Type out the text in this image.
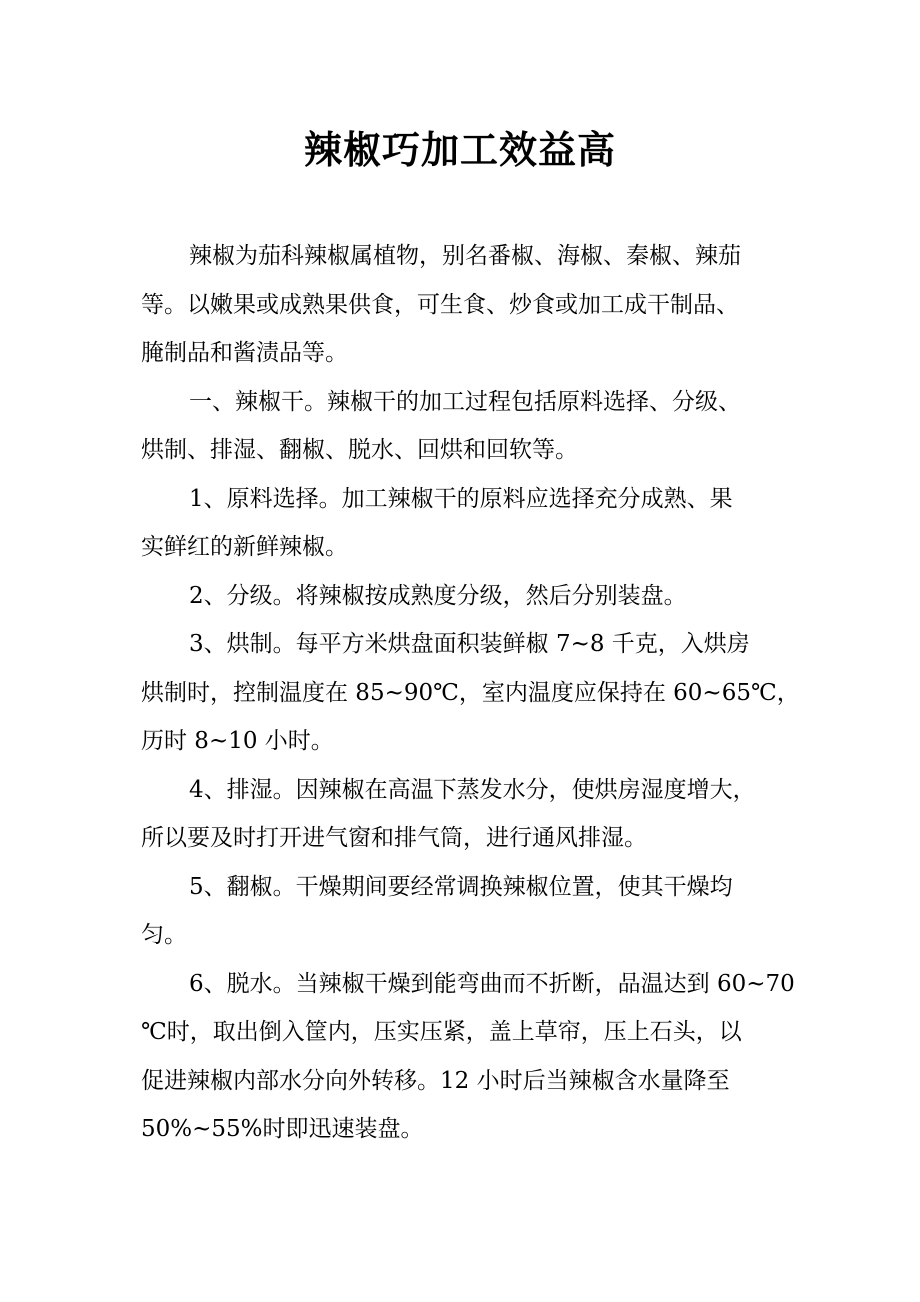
辣椒巧加工效益高
辣椒为茄科辣椒属植物，别名番椒、海椒、秦椒、辣茄
等。以嫩果或成熟果供食，可生食、炒食或加工成干制品、
腌制品和酱渍品等。
一、辣椒干。辣椒干的加工过程包括原料选择、分级、
烘制、排湿、翻椒、脱水、回烘和回软等。
1、原料选择。加工辣椒干的原料应选择充分成熟、果
实鲜红的新鲜辣椒。
2、分级。将辣椒按成熟度分级，然后分别装盘。
3、烘制。每平方米烘盘面积装鲜椒 7~8 千克，入烘房
烘制时，控制温度在 85~90℃，室内温度应保持在 60~65℃，
历时 8~10 小时。
4、排湿。因辣椒在高温下蒸发水分，使烘房湿度增大，
所以要及时打开进气窗和排气筒，进行通风排湿。
5、翻椒。干燥期间要经常调换辣椒位置，使其干燥均
匀。
6、脱水。当辣椒干燥到能弯曲而不折断，品温达到 60~70
℃时，取出倒入筐内，压实压紧，盖上草帘，压上石头，以
促进辣椒内部水分向外转移。12 小时后当辣椒含水量降至
50%~55%时即迅速装盘。
